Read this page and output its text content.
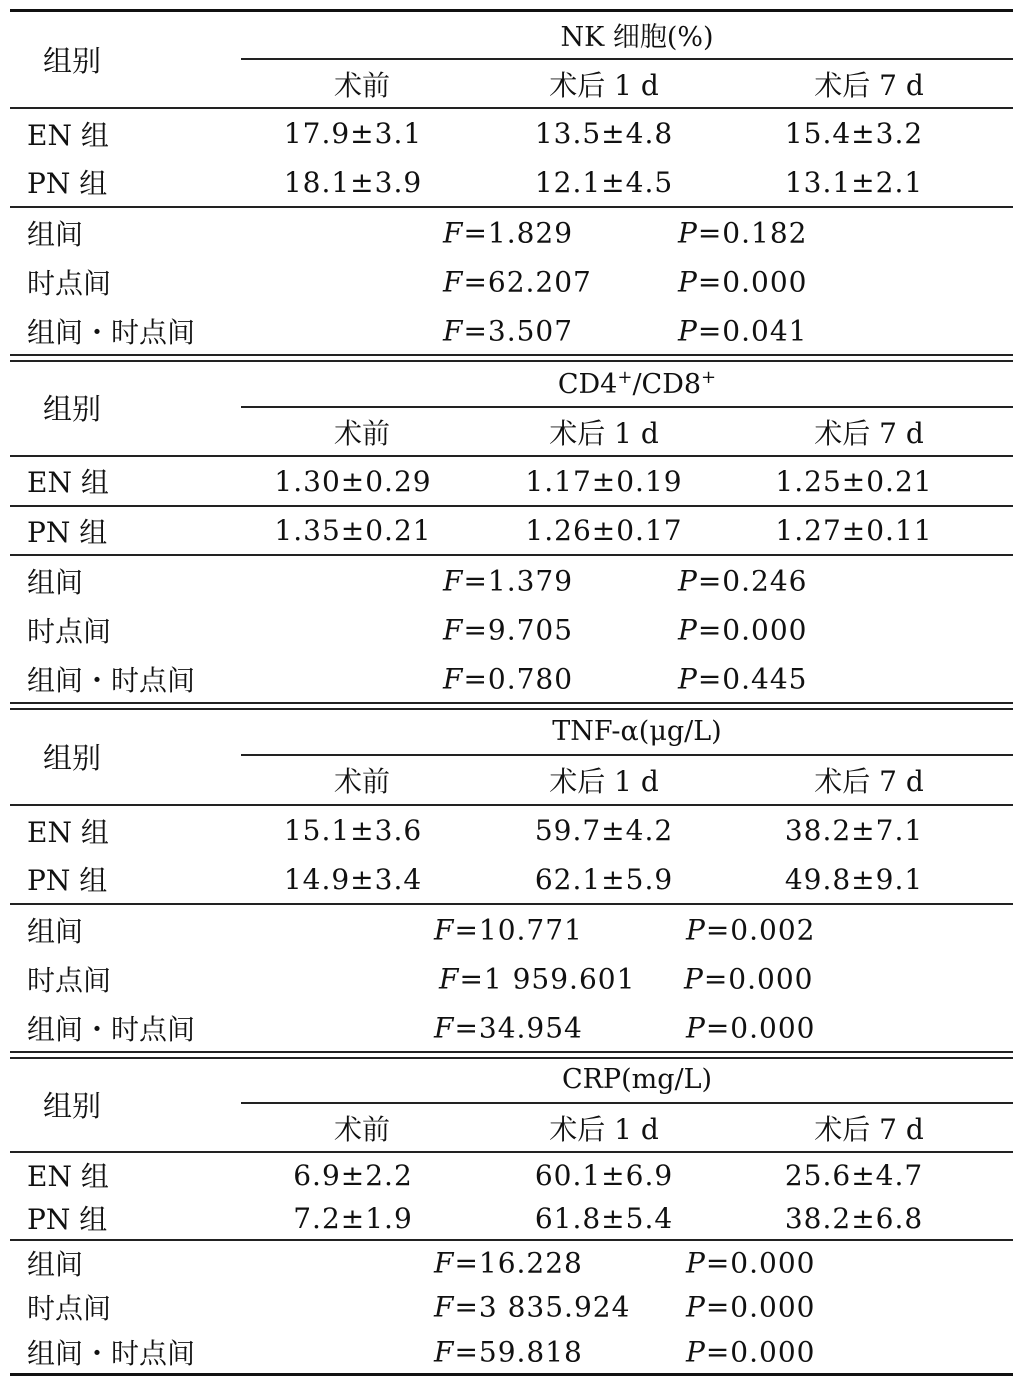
组别	NK 细胞(%)		
	术前	术后 1 d	术后 7 d
EN 组	17.9±3.1	13.5±4.8	15.4±3.2
PN 组	18.1±3.9	12.1±4.5	13.1±2.1
组间	F=1.829 P=0.182		

时点间	F=62.207 P=0.000		

组间・时点间	F=3.507 P=0.041		
组别	CD4+/CD8+
	术前	术后 1 d	术后 7 d
EN 组	1.30±0.29	1.17±0.19	1.25±0.21
PN 组	1.35±0.21	1.26±0.17	1.27±0.11
组间	F=1.379 P=0.246		

时点间	F=9.705 P=0.000		

组间・时点间	F=0.780 P=0.445		
组别	TNF-α(μg/L)		
	术前	术后 1 d	术后 7 d
EN 组	15.1±3.6	59.7±4.2	38.2±7.1
PN 组	14.9±3.4	62.1±5.9	49.8±9.1
组间	F=10.771 P=0.002		

时点间	F=1 959.601 P=0.000		

组间・时点间	F=34.954 P=0.000		
组别	CRP(mg/L)		
	术前	术后 1 d	术后 7 d
EN 组	6.9±2.2	60.1±6.9	25.6±4.7
PN 组	7.2±1.9	61.8±5.4	38.2±6.8
组间	F=16.228 P=0.000		

时点间	F=3 835.924 P=0.000		

组间・时点间	F=59.818 P=0.000		
